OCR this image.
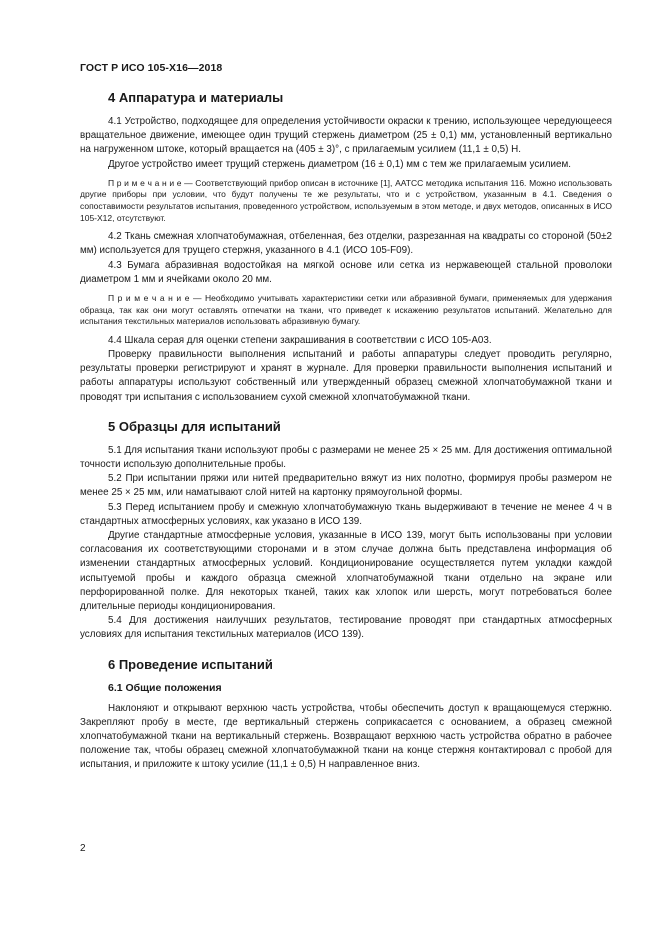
ГОСТ Р ИСО 105-X16—2018
4 Аппаратура и материалы

4.1 Устройство, подходящее для определения устойчивости окраски к трению, использующее чередующееся вращательное движение, имеющее один трущий стержень диаметром (25 ± 0,1) мм, установленный вертикально на нагруженном штоке, который вращается на (405 ± 3)°, с прилагаемым усилием (11,1 ± 0,5) Н.

Другое устройство имеет трущий стержень диаметром (16 ± 0,1) мм с тем же прилагаемым усилием.

П р и м е ч а н и е — Соответствующий прибор описан в источнике [1], AATCC методика испытания 116. Можно использовать другие приборы при условии, что будут получены те же результаты, что и с устройством, указанным в 4.1. Сведения о сопоставимости результатов испытания, проведенного устройством, используемым в этом методе, и двух методов, описанных в ИСО 105-X12, отсутствуют.

4.2 Ткань смежная хлопчатобумажная, отбеленная, без отделки, разрезанная на квадраты со стороной (50±2 мм) используется для трущего стержня, указанного в 4.1 (ИСО 105-F09).

4.3 Бумага абразивная водостойкая на мягкой основе или сетка из нержавеющей стальной проволоки диаметром 1 мм и ячейками около 20 мм.

П р и м е ч а н и е — Необходимо учитывать характеристики сетки или абразивной бумаги, применяемых для удержания образца, так как они могут оставлять отпечатки на ткани, что приведет к искажению результатов испытаний. Желательно для испытания текстильных материалов использовать абразивную бумагу.

4.4 Шкала серая для оценки степени закрашивания в соответствии с ИСО 105-A03.

Проверку правильности выполнения испытаний и работы аппаратуры следует проводить регулярно, результаты проверки регистрируют и хранят в журнале. Для проверки правильности выполнения испытаний и работы аппаратуры используют собственный или утвержденный образец смежной хлопчатобумажной ткани и проводят три испытания с использованием сухой смежной хлопчатобумажной ткани.

5 Образцы для испытаний

5.1 Для испытания ткани используют пробы с размерами не менее 25 × 25 мм. Для достижения оптимальной точности использую дополнительные пробы.

5.2 При испытании пряжи или нитей предварительно вяжут из них полотно, формируя пробы размером не менее 25 × 25 мм, или наматывают слой нитей на картонку прямоугольной формы.

5.3 Перед испытанием пробу и смежную хлопчатобумажную ткань выдерживают в течение не менее 4 ч в стандартных атмосферных условиях, как указано в ИСО 139.

Другие стандартные атмосферные условия, указанные в ИСО 139, могут быть использованы при условии согласования их соответствующими сторонами и в этом случае должна быть представлена информация об изменении стандартных атмосферных условий. Кондиционирование осуществляется путем укладки каждой испытуемой пробы и каждого образца смежной хлопчатобумажной ткани отдельно на экране или перфорированной полке. Для некоторых тканей, таких как хлопок или шерсть, могут потребоваться более длительные периоды кондиционирования.

5.4 Для достижения наилучших результатов, тестирование проводят при стандартных атмосферных условиях для испытания текстильных материалов (ИСО 139).

6 Проведение испытаний
6.1 Общие положения

Наклоняют и открывают верхнюю часть устройства, чтобы обеспечить доступ к вращающемуся стержню. Закрепляют пробу в месте, где вертикальный стержень соприкасается с основанием, а образец смежной хлопчатобумажной ткани на вертикальный стержень. Возвращают верхнюю часть устройства обратно в рабочее положение так, чтобы образец смежной хлопчатобумажной ткани на конце стержня контактировал с пробой для испытания, и приложите к штоку усилие (11,1 ± 0,5) Н направленное вниз.

2
